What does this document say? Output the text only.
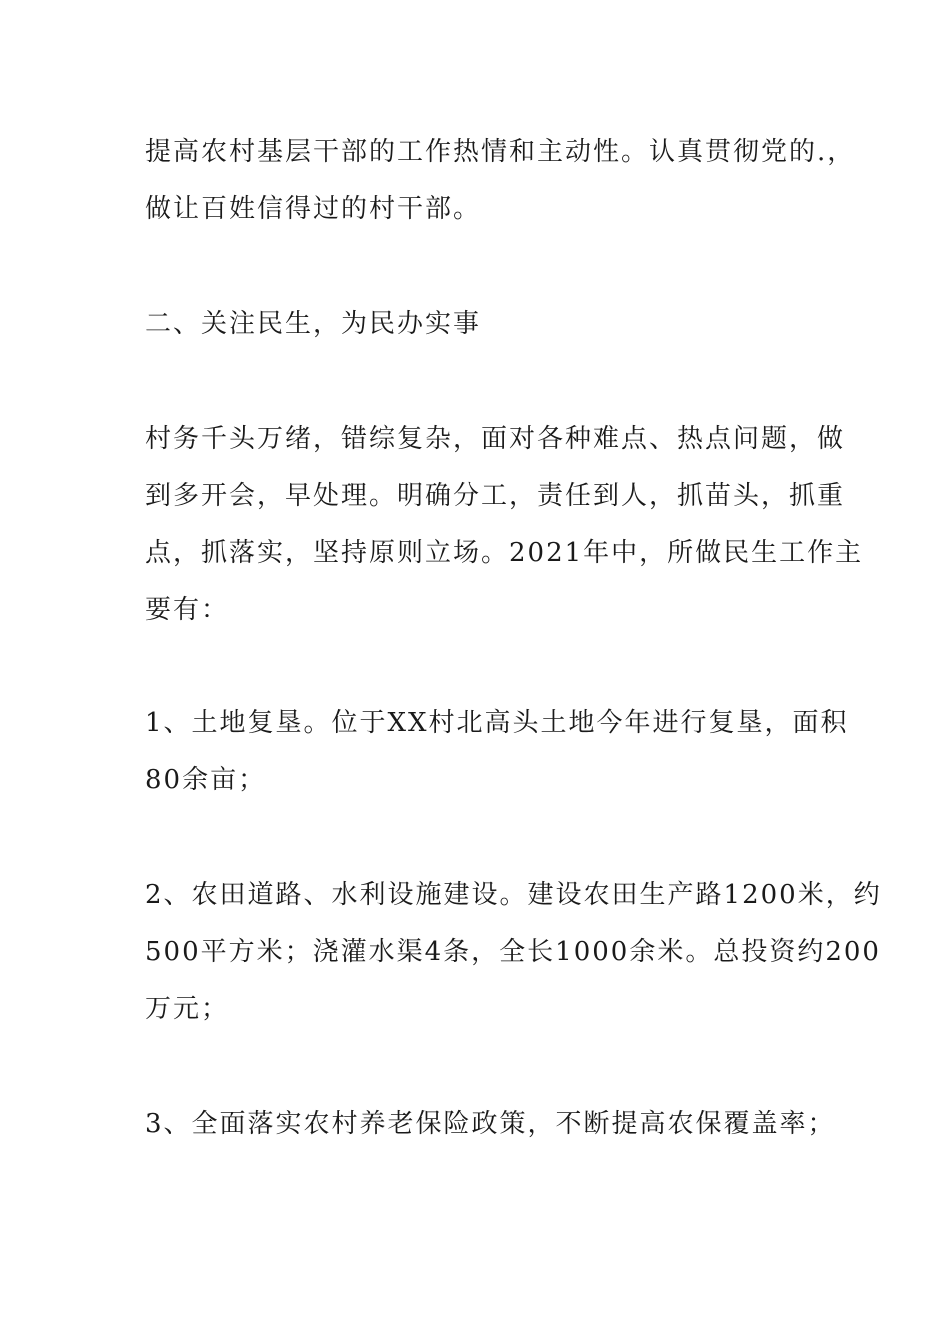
提高农村基层干部的工作热情和主动性。认真贯彻党的.，
做让百姓信得过的村干部。
二、关注民生，为民办实事
村务千头万绪，错综复杂，面对各种难点、热点问题，做
到多开会，早处理。明确分工，责任到人，抓苗头，抓重
点，抓落实，坚持原则立场。2021年中，所做民生工作主
要有：
1、土地复垦。位于XX村北高头土地今年进行复垦，面积
80余亩；
2、农田道路、水利设施建设。建设农田生产路1200米，约
500平方米；浇灌水渠4条，全长1000余米。总投资约200
万元；
3、全面落实农村养老保险政策，不断提高农保覆盖率；
